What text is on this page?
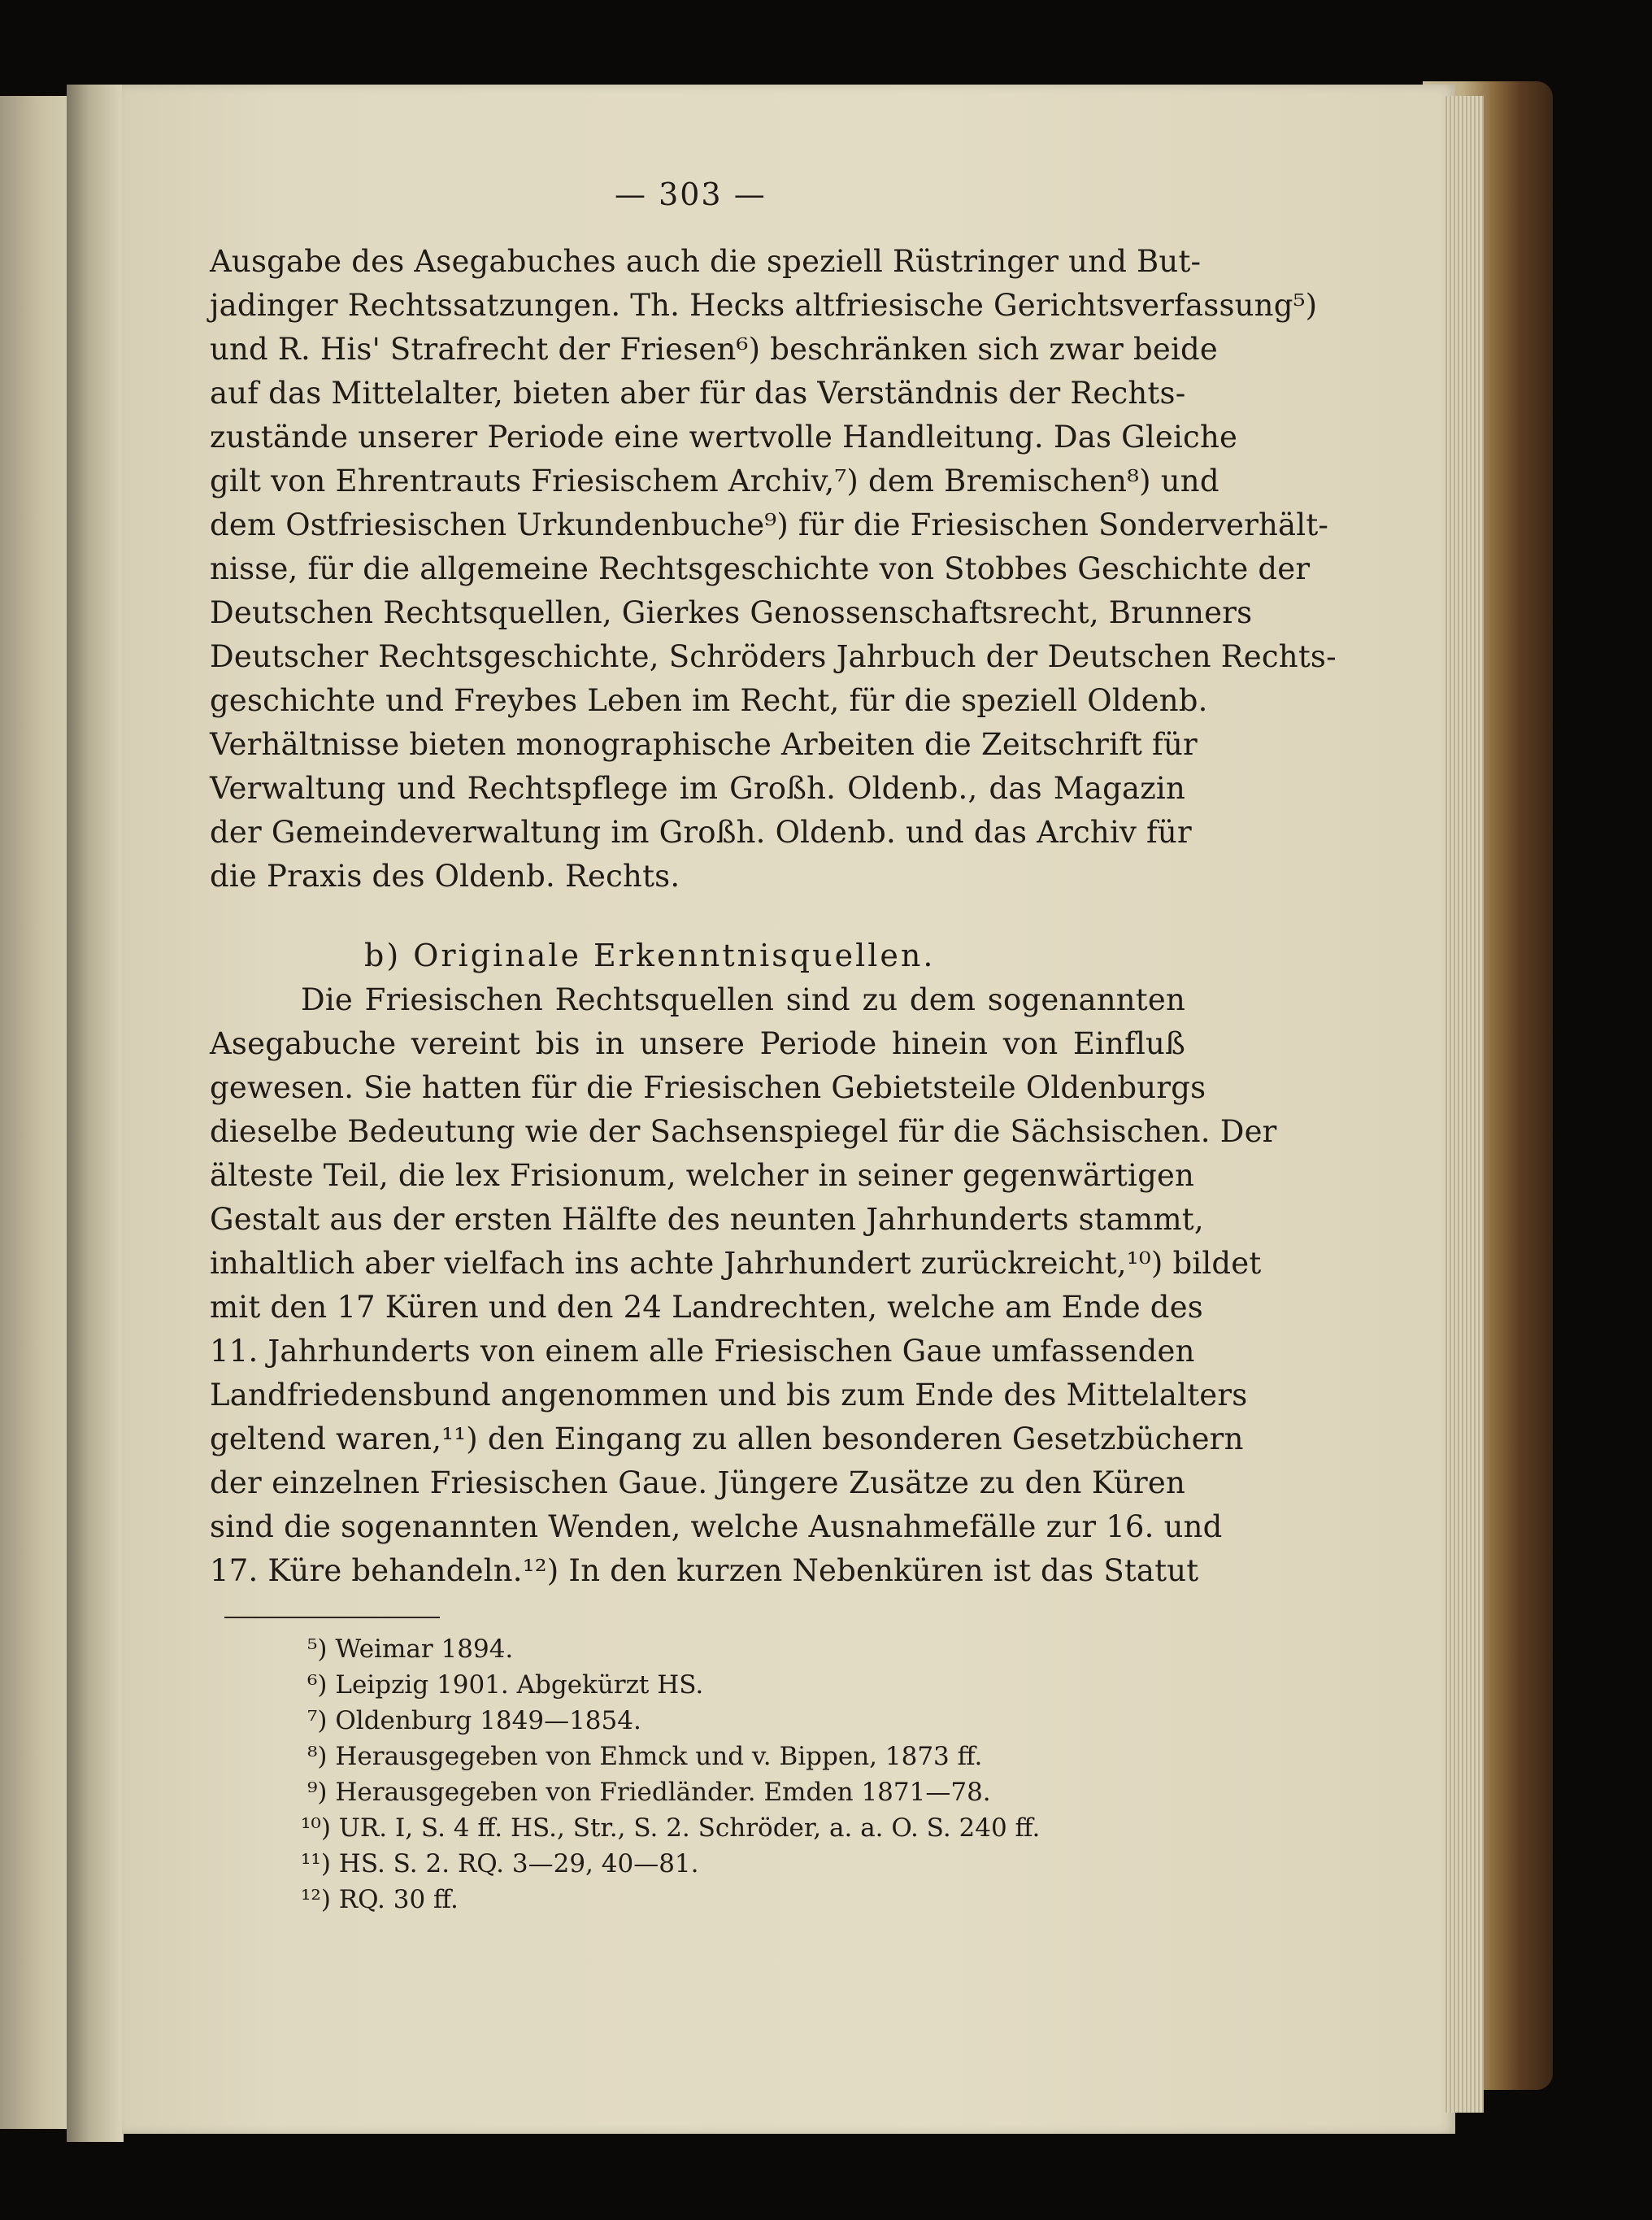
— 303 —
Ausgabe des Asegabuches auch die speziell Rüstringer und But-
jadinger Rechtssatzungen. Th. Hecks altfriesische Gerichtsverfassung⁵)
und R. His' Strafrecht der Friesen⁶) beschränken sich zwar beide
auf das Mittelalter, bieten aber für das Verständnis der Rechts-
zustände unserer Periode eine wertvolle Handleitung. Das Gleiche
gilt von Ehrentrauts Friesischem Archiv,⁷) dem Bremischen⁸) und
dem Ostfriesischen Urkundenbuche⁹) für die Friesischen Sonderverhält-
nisse, für die allgemeine Rechtsgeschichte von Stobbes Geschichte der
Deutschen Rechtsquellen, Gierkes Genossenschaftsrecht, Brunners
Deutscher Rechtsgeschichte, Schröders Jahrbuch der Deutschen Rechts-
geschichte und Freybes Leben im Recht, für die speziell Oldenb.
Verhältnisse bieten monographische Arbeiten die Zeitschrift für
Verwaltung und Rechtspflege im Großh. Oldenb., das Magazin
der Gemeindeverwaltung im Großh. Oldenb. und das Archiv für
die Praxis des Oldenb. Rechts.
b) Originale Erkenntnisquellen.
Die Friesischen Rechtsquellen sind zu dem sogenannten
Asegabuche vereint bis in unsere Periode hinein von Einfluß
gewesen. Sie hatten für die Friesischen Gebietsteile Oldenburgs
dieselbe Bedeutung wie der Sachsenspiegel für die Sächsischen. Der
älteste Teil, die lex Frisionum, welcher in seiner gegenwärtigen
Gestalt aus der ersten Hälfte des neunten Jahrhunderts stammt,
inhaltlich aber vielfach ins achte Jahrhundert zurückreicht,¹⁰) bildet
mit den 17 Küren und den 24 Landrechten, welche am Ende des
11. Jahrhunderts von einem alle Friesischen Gaue umfassenden
Landfriedensbund angenommen und bis zum Ende des Mittelalters
geltend waren,¹¹) den Eingang zu allen besonderen Gesetzbüchern
der einzelnen Friesischen Gaue. Jüngere Zusätze zu den Küren
sind die sogenannten Wenden, welche Ausnahmefälle zur 16. und
17. Küre behandeln.¹²) In den kurzen Nebenküren ist das Statut
⁵) Weimar 1894.
⁶) Leipzig 1901. Abgekürzt HS.
⁷) Oldenburg 1849—1854.
⁸) Herausgegeben von Ehmck und v. Bippen, 1873 ff.
⁹) Herausgegeben von Friedländer. Emden 1871—78.
¹⁰) UR. I, S. 4 ff. HS., Str., S. 2. Schröder, a. a. O. S. 240 ff.
¹¹) HS. S. 2. RQ. 3—29, 40—81.
¹²) RQ. 30 ff.
